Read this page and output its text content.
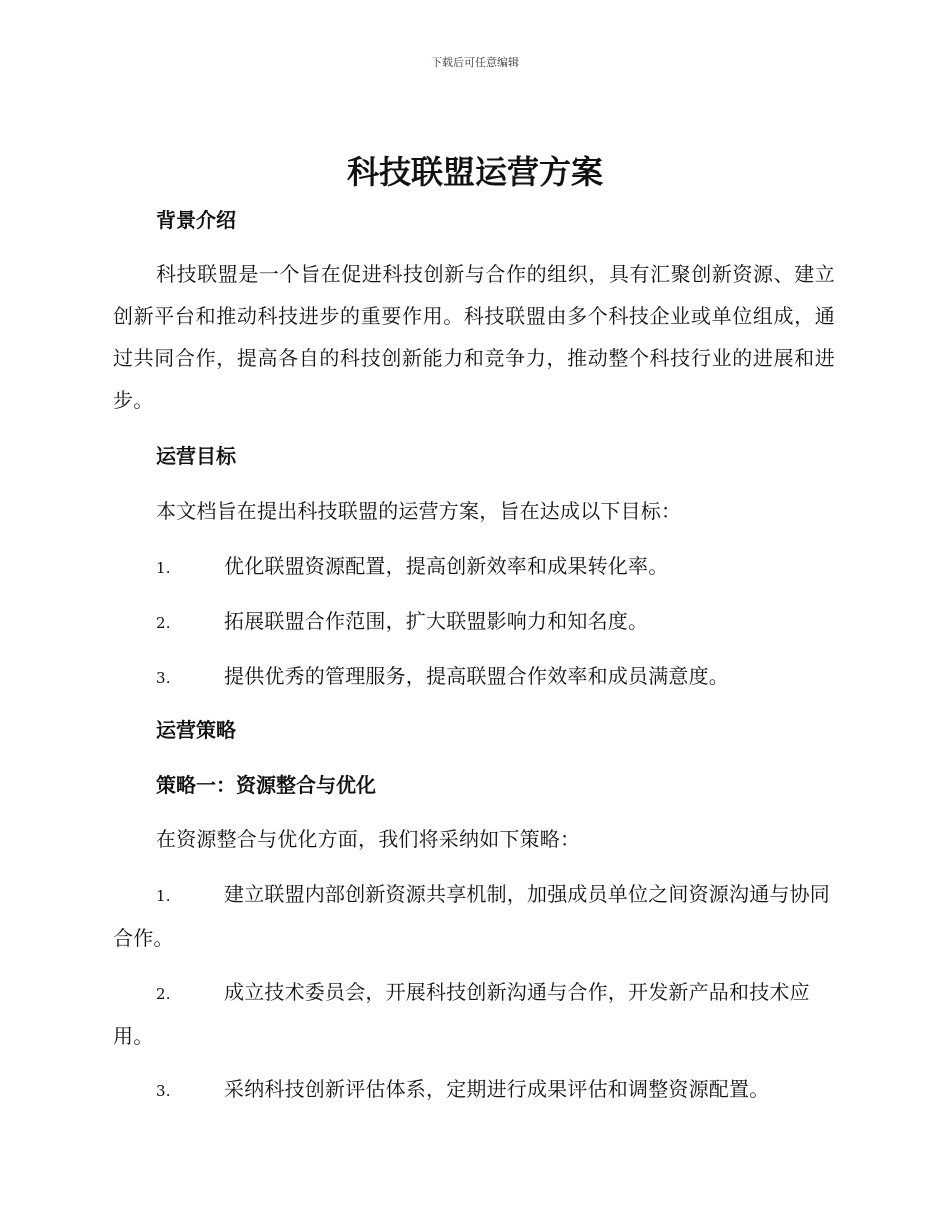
下载后可任意编辑
科技联盟运营方案
背景介绍

科技联盟是一个旨在促进科技创新与合作的组织，具有汇聚创新资源、建立创新平台和推动科技进步的重要作用。科技联盟由多个科技企业或单位组成，通过共同合作，提高各自的科技创新能力和竞争力，推动整个科技行业的进展和进步。

运营目标

本文档旨在提出科技联盟的运营方案，旨在达成以下目标：

1.	优化联盟资源配置，提高创新效率和成果转化率。

2.	拓展联盟合作范围，扩大联盟影响力和知名度。

3.	提供优秀的管理服务，提高联盟合作效率和成员满意度。

运营策略
策略一：资源整合与优化

在资源整合与优化方面，我们将采纳如下策略：

1.	建立联盟内部创新资源共享机制，加强成员单位之间资源沟通与协同合作。

2.	成立技术委员会，开展科技创新沟通与合作，开发新产品和技术应用。

3.	采纳科技创新评估体系，定期进行成果评估和调整资源配置。
